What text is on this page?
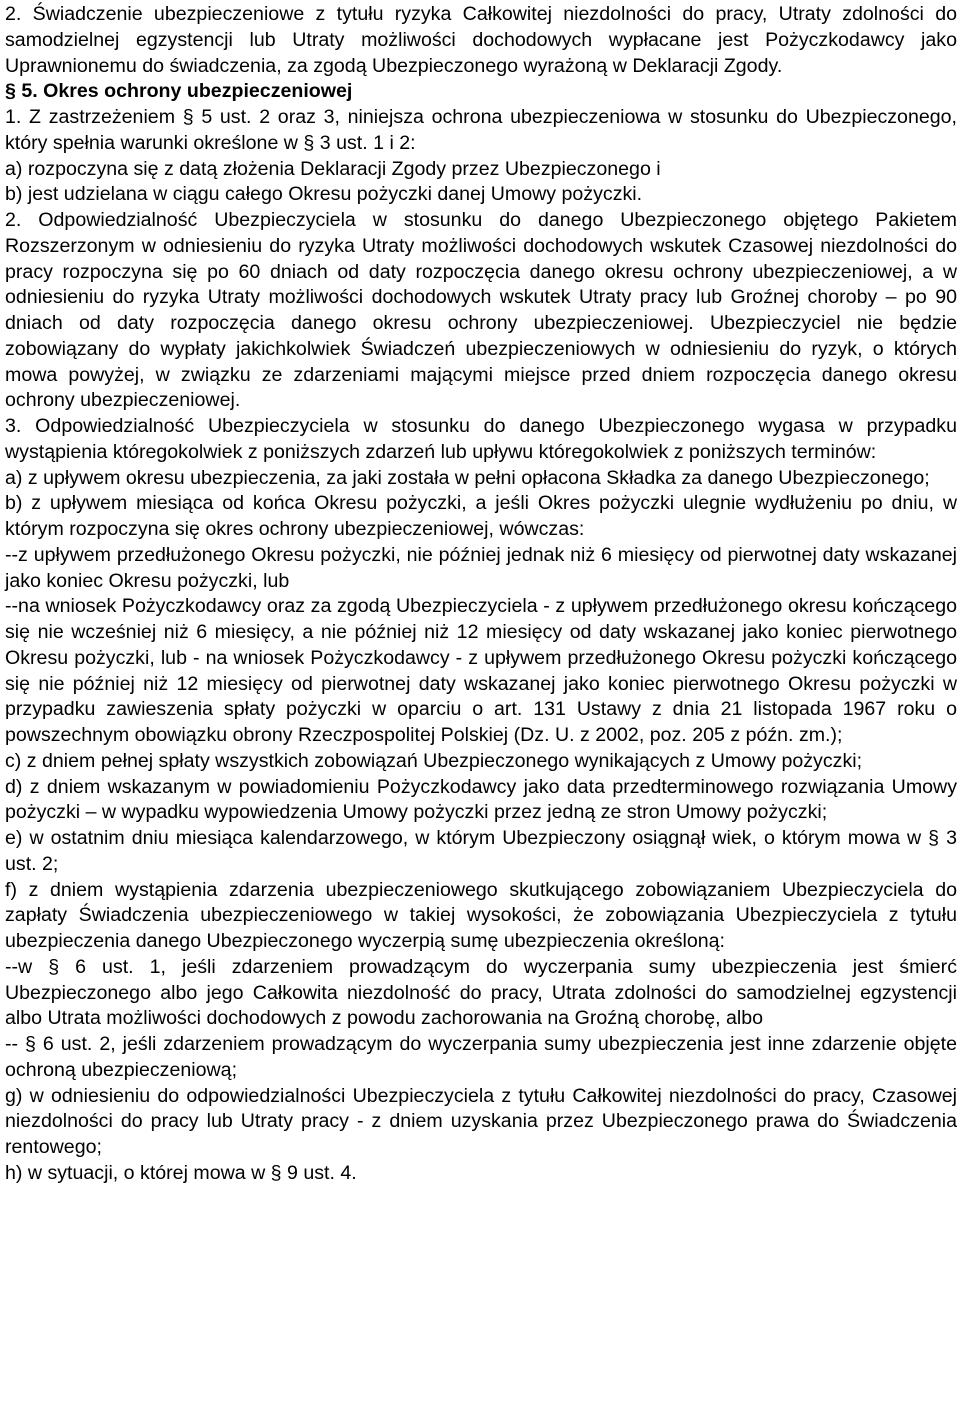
2. Świadczenie ubezpieczeniowe z tytułu ryzyka Całkowitej niezdolności do pracy, Utraty zdolności do samodzielnej egzystencji lub Utraty możliwości dochodowych wypłacane jest Pożyczkodawcy jako Uprawnionemu do świadczenia, za zgodą Ubezpieczonego wyrażoną w Deklaracji Zgody.

§ 5. Okres ochrony ubezpieczeniowej

1. Z zastrzeżeniem § 5 ust. 2 oraz 3, niniejsza ochrona ubezpieczeniowa w stosunku do Ubezpieczonego, który spełnia warunki określone w § 3 ust. 1 i 2:

a) rozpoczyna się z datą złożenia Deklaracji Zgody przez Ubezpieczonego i

b) jest udzielana w ciągu całego Okresu pożyczki danej Umowy pożyczki.

2. Odpowiedzialność Ubezpieczyciela w stosunku do danego Ubezpieczonego objętego Pakietem Rozszerzonym w odniesieniu do ryzyka Utraty możliwości dochodowych wskutek Czasowej niezdolności do pracy rozpoczyna się po 60 dniach od daty rozpoczęcia danego okresu ochrony ubezpieczeniowej, a w odniesieniu do ryzyka Utraty możliwości dochodowych wskutek Utraty pracy lub Groźnej choroby – po 90 dniach od daty rozpoczęcia danego okresu ochrony ubezpieczeniowej. Ubezpieczyciel nie będzie zobowiązany do wypłaty jakichkolwiek Świadczeń ubezpieczeniowych w odniesieniu do ryzyk, o których mowa powyżej, w związku ze zdarzeniami mającymi miejsce przed dniem rozpoczęcia danego okresu ochrony ubezpieczeniowej.

3. Odpowiedzialność Ubezpieczyciela w stosunku do danego Ubezpieczonego wygasa w przypadku wystąpienia któregokolwiek z poniższych zdarzeń lub upływu któregokolwiek z poniższych terminów:

a) z upływem okresu ubezpieczenia, za jaki została w pełni opłacona Składka za danego Ubezpieczonego;

b) z upływem miesiąca od końca Okresu pożyczki, a jeśli Okres pożyczki ulegnie wydłużeniu po dniu, w którym rozpoczyna się okres ochrony ubezpieczeniowej, wówczas:

--z upływem przedłużonego Okresu pożyczki, nie później jednak niż 6 miesięcy od pierwotnej daty wskazanej jako koniec Okresu pożyczki, lub

--na wniosek Pożyczkodawcy oraz za zgodą Ubezpieczyciela - z upływem przedłużonego okresu kończącego się nie wcześniej niż 6 miesięcy, a nie później niż 12 miesięcy od daty wskazanej jako koniec pierwotnego Okresu pożyczki, lub - na wniosek Pożyczkodawcy - z upływem przedłużonego Okresu pożyczki kończącego się nie później niż 12 miesięcy od pierwotnej daty wskazanej jako koniec pierwotnego Okresu pożyczki w przypadku zawieszenia spłaty pożyczki w oparciu o art. 131 Ustawy z dnia 21 listopada 1967 roku o powszechnym obowiązku obrony Rzeczpospolitej Polskiej (Dz. U. z 2002, poz. 205 z późn. zm.);

c) z dniem pełnej spłaty wszystkich zobowiązań Ubezpieczonego wynikających z Umowy pożyczki;

d) z dniem wskazanym w powiadomieniu Pożyczkodawcy jako data przedterminowego rozwiązania Umowy pożyczki – w wypadku wypowiedzenia Umowy pożyczki przez jedną ze stron Umowy pożyczki;

e) w ostatnim dniu miesiąca kalendarzowego, w którym Ubezpieczony osiągnął wiek, o którym mowa w § 3 ust. 2;

f) z dniem wystąpienia zdarzenia ubezpieczeniowego skutkującego zobowiązaniem Ubezpieczyciela do zapłaty Świadczenia ubezpieczeniowego w takiej wysokości, że zobowiązania Ubezpieczyciela z tytułu ubezpieczenia danego Ubezpieczonego wyczerpią sumę ubezpieczenia określoną:

--w § 6 ust. 1, jeśli zdarzeniem prowadzącym do wyczerpania sumy ubezpieczenia jest śmierć Ubezpieczonego albo jego Całkowita niezdolność do pracy, Utrata zdolności do samodzielnej egzystencji albo Utrata możliwości dochodowych z powodu zachorowania na Groźną chorobę, albo

-- § 6 ust. 2, jeśli zdarzeniem prowadzącym do wyczerpania sumy ubezpieczenia jest inne zdarzenie objęte ochroną ubezpieczeniową;

g) w odniesieniu do odpowiedzialności Ubezpieczyciela z tytułu Całkowitej niezdolności do pracy, Czasowej niezdolności do pracy lub Utraty pracy - z dniem uzyskania przez Ubezpieczonego prawa do Świadczenia rentowego;

h) w sytuacji, o której mowa w § 9 ust. 4.
